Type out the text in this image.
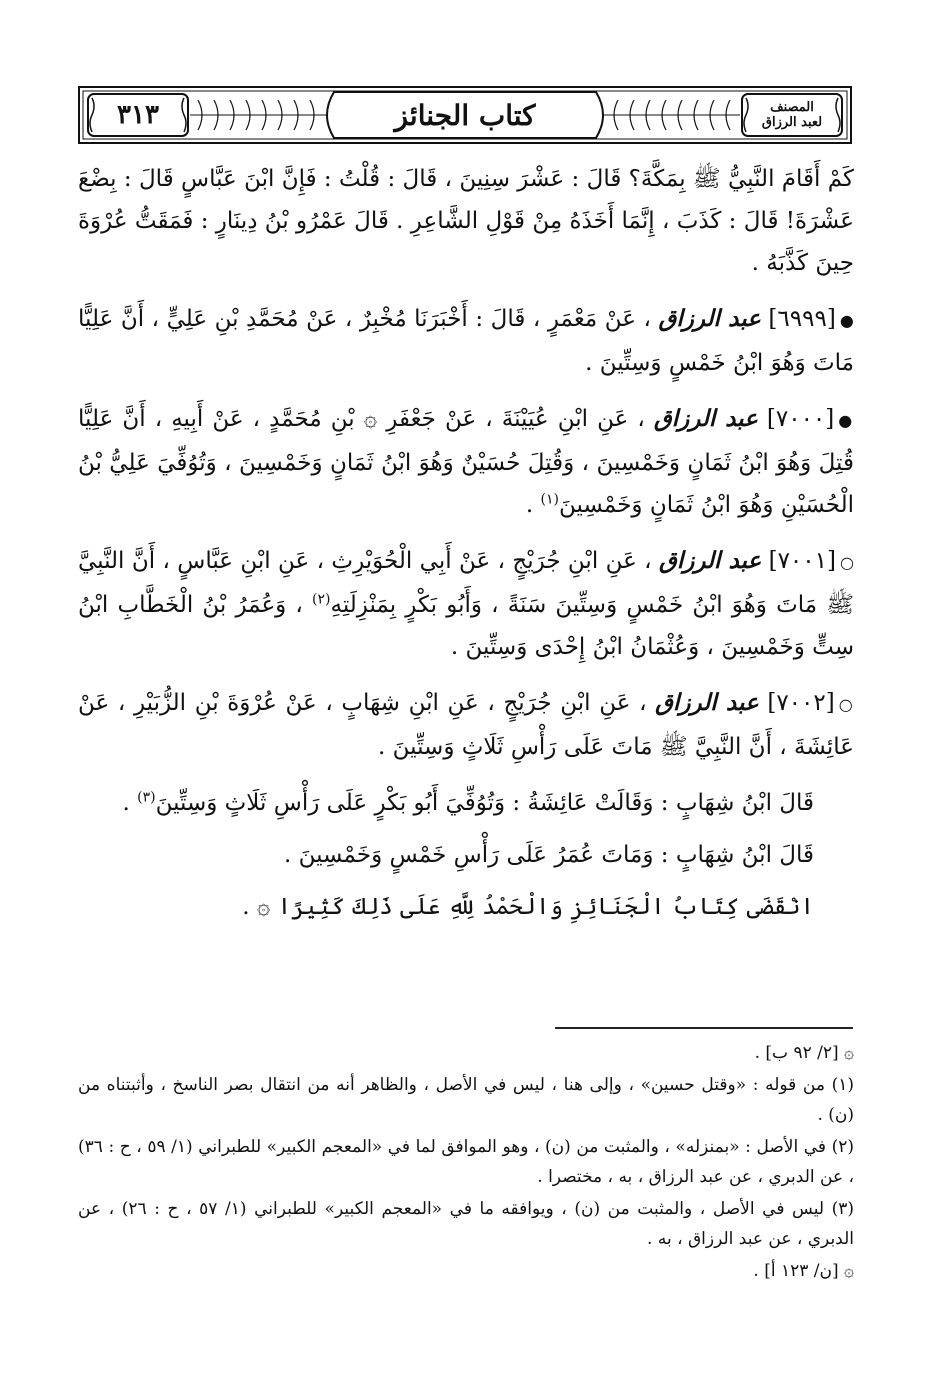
٣١٣	كتاب الجنائز	المصنف
لعبد الرزاق

كَمْ أَقَامَ النَّبِيُّ ﷺ بِمَكَّةَ؟ قَالَ : عَشْرَ سِنِينَ ، قَالَ : قُلْتُ : فَإِنَّ ابْنَ عَبَّاسٍ قَالَ : بِضْعَ عَشْرَةَ! قَالَ : كَذَبَ ، إِنَّمَا أَخَذَهُ مِنْ قَوْلِ الشَّاعِرِ . قَالَ عَمْرُو بْنُ دِينَارٍ : فَمَقَتُّ عُرْوَةَ حِينَ كَذَّبَهُ .

●[٦٩٩٩] عبد الرزاق ، عَنْ مَعْمَرٍ ، قَالَ : أَخْبَرَنَا مُخْبِرٌ ، عَنْ مُحَمَّدِ بْنِ عَلِيٍّ ، أَنَّ عَلِيًّا مَاتَ وَهُوَ ابْنُ خَمْسٍ وَسِتِّينَ .

●[٧٠٠٠] عبد الرزاق ، عَنِ ابْنِ عُيَيْنَةَ ، عَنْ جَعْفَرِ ۞ بْنِ مُحَمَّدٍ ، عَنْ أَبِيهِ ، أَنَّ عَلِيًّا قُتِلَ وَهُوَ ابْنُ ثَمَانٍ وَخَمْسِينَ ، وَقُتِلَ حُسَيْنٌ وَهُوَ ابْنُ ثَمَانٍ وَخَمْسِينَ ، وَتُوُفِّيَ عَلِيُّ بْنُ الْحُسَيْنِ وَهُوَ ابْنُ ثَمَانٍ وَخَمْسِينَ$^{(١)}$ .

○[٧٠٠١] عبد الرزاق ، عَنِ ابْنِ جُرَيْجٍ ، عَنْ أَبِي الْحُوَيْرِثِ ، عَنِ ابْنِ عَبَّاسٍ ، أَنَّ النَّبِيَّ ﷺ مَاتَ وَهُوَ ابْنُ خَمْسٍ وَسِتِّينَ سَنَةً ، وَأَبُو بَكْرٍ بِمَنْزِلَتِهِ$^{(٢)}$ ، وَعُمَرُ بْنُ الْخَطَّابِ ابْنُ سِتٍّ وَخَمْسِينَ ، وَعُثْمَانُ ابْنُ إِحْدَى وَسِتِّينَ .

○[٧٠٠٢] عبد الرزاق ، عَنِ ابْنِ جُرَيْجٍ ، عَنِ ابْنِ شِهَابٍ ، عَنْ عُرْوَةَ بْنِ الزُّبَيْرِ ، عَنْ عَائِشَةَ ، أَنَّ النَّبِيَّ ﷺ مَاتَ عَلَى رَأْسِ ثَلَاثٍ وَسِتِّينَ .

قَالَ ابْنُ شِهَابٍ : وَقَالَتْ عَائِشَةُ : وَتُوُفِّيَ أَبُو بَكْرٍ عَلَى رَأْسِ ثَلَاثٍ وَسِتِّينَ$^{(٣)}$ .

قَالَ ابْنُ شِهَابٍ : وَمَاتَ عُمَرُ عَلَى رَأْسِ خَمْسٍ وَخَمْسِينَ .

انْقَضَى كِتَابُ الْجَنَائِزِ وَالْحَمْدُ لِلَّهِ عَلَى ذَلِكَ كَثِيرًا ۞ .

۞ [٢/ ٩٢ ب] .

(١) من قوله : «وقتل حسين» ، وإلى هنا ، ليس في الأصل ، والظاهر أنه من انتقال بصر الناسخ ، وأثبتناه من (ن) .

(٢) في الأصل : «بمنزله» ، والمثبت من (ن) ، وهو الموافق لما في «المعجم الكبير» للطبراني (١/ ٥٩ ، ح : ٣٦) ، عن الدبري ، عن عبد الرزاق ، به ، مختصرا .

(٣) ليس في الأصل ، والمثبت من (ن) ، ويوافقه ما في «المعجم الكبير» للطبراني (١/ ٥٧ ، ح : ٢٦) ، عن الدبري ، عن عبد الرزاق ، به .

۞ [ن/ ١٢٣ أ] .
